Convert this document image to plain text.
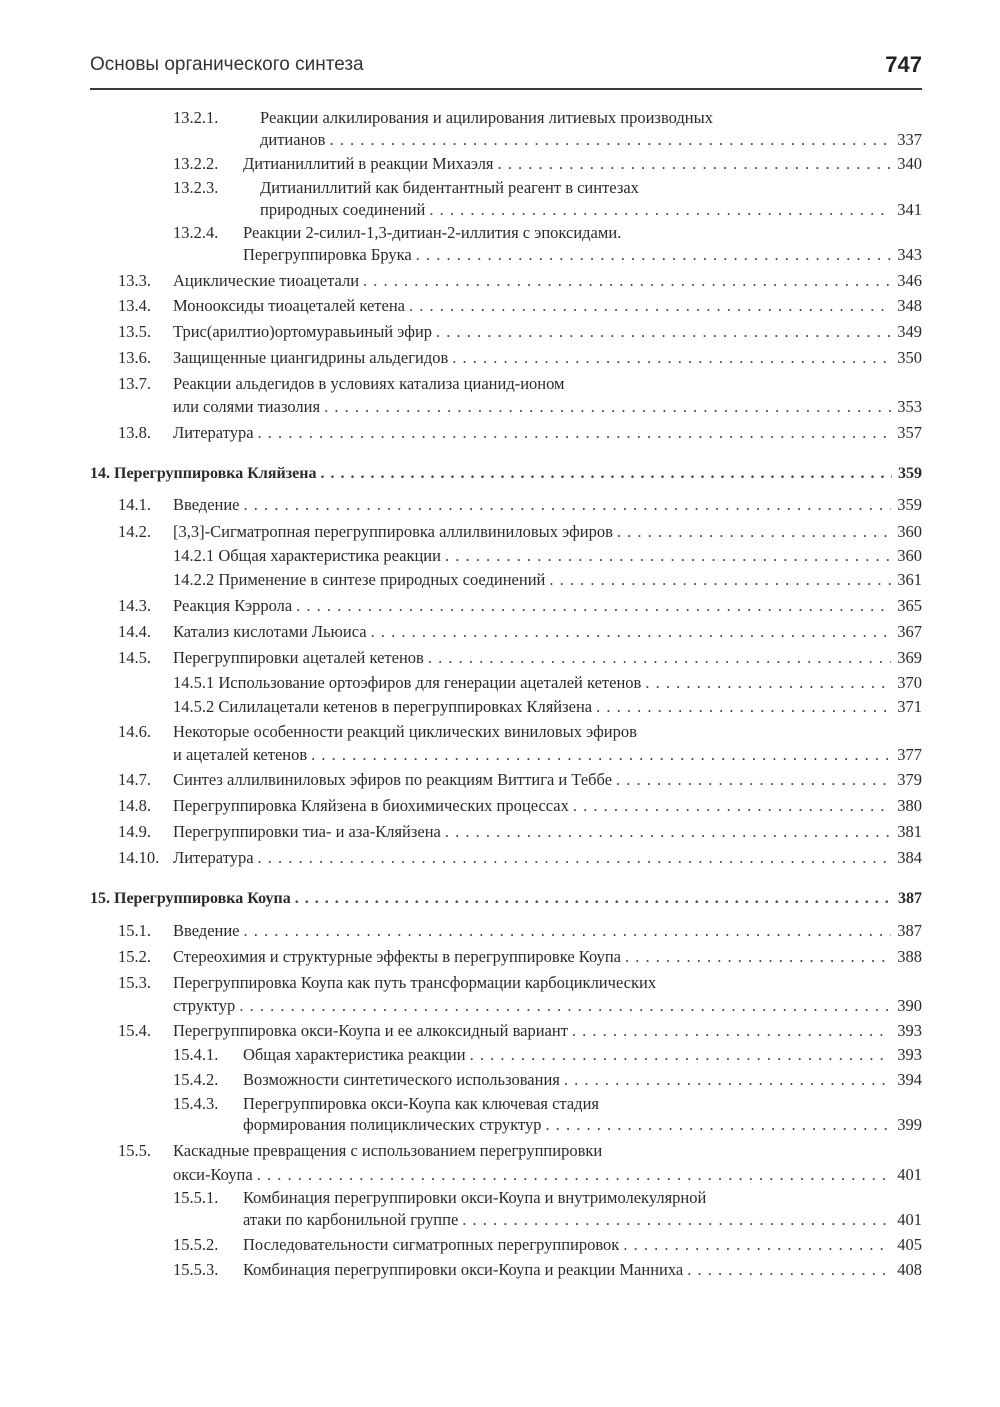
Основы органического синтеза	747
13.2.1.	Реакции алкилирования и ацилирования литиевых производных
дитианов . . .	337
13.2.2. Дитианиллитий в реакции Михаэля . . .	340
13.2.3.	Дитианиллитий как бидентантный реагент в синтезах
природных соединений . . .	341
13.2.4. Реакции 2-силил-1,3-дитиан-2-иллития с эпоксидами.
Перегруппировка Брука . . .	343
13.3. Ациклические тиоацетали . . .	346
13.4. Монооксиды тиоацеталей кетена . . .	348
13.5. Трис(арилтио)ортомуравьиный эфир . . .	349
13.6. Защищенные циангидрины альдегидов . . .	350
13.7. Реакции альдегидов в условиях катализа цианид-ионом
или солями тиазолия . . .	353
13.8. Литература . . .	357
14. Перегруппировка Кляйзена . . .	359
14.1. Введение . . .	359
14.2. [3,3]-Сигматропная перегруппировка аллилвиниловых эфиров . . .	360
14.2.1 Общая характеристика реакции . . .	360
14.2.2 Применение в синтезе природных соединений . . .	361
14.3. Реакция Кэррола . . .	365
14.4. Катализ кислотами Льюиса . . .	367
14.5. Перегруппировки ацеталей кетенов . . .	369
14.5.1 Использование ортоэфиров для генерации ацеталей кетенов . . .	370
14.5.2 Силилацетали кетенов в перегруппировках Кляйзена . . .	371
14.6. Некоторые особенности реакций циклических виниловых эфиров
и ацеталей кетенов . . .	377
14.7. Синтез аллилвиниловых эфиров по реакциям Виттига и Теббе . . .	379
14.8. Перегруппировка Кляйзена в биохимических процессах . . .	380
14.9. Перегруппировки тиа- и аза-Кляйзена . . .	381
14.10. Литература . . .	384
15. Перегруппировка Коупа . . .	387
15.1. Введение . . .	387
15.2. Стереохимия и структурные эффекты в перегруппировке Коупа . . .	388
15.3. Перегруппировка Коупа как путь трансформации карбоциклических
структур . . .	390
15.4. Перегруппировка окси-Коупа и ее алкоксидный вариант . . .	393
15.4.1. Общая характеристика реакции . . .	393
15.4.2. Возможности синтетического использования . . .	394
15.4.3. Перегруппировка окси-Коупа как ключевая стадия
формирования полициклических структур . . .	399
15.5. Каскадные превращения с использованием перегруппировки
окси-Коупа . . .	401
15.5.1. Комбинация перегруппировки окси-Коупа и внутримолекулярной
атаки по карбонильной группе . . .	401
15.5.2. Последовательности сигматропных перегруппировок . . .	405
15.5.3. Комбинация перегруппировки окси-Коупа и реакции Манниха . . .	408
